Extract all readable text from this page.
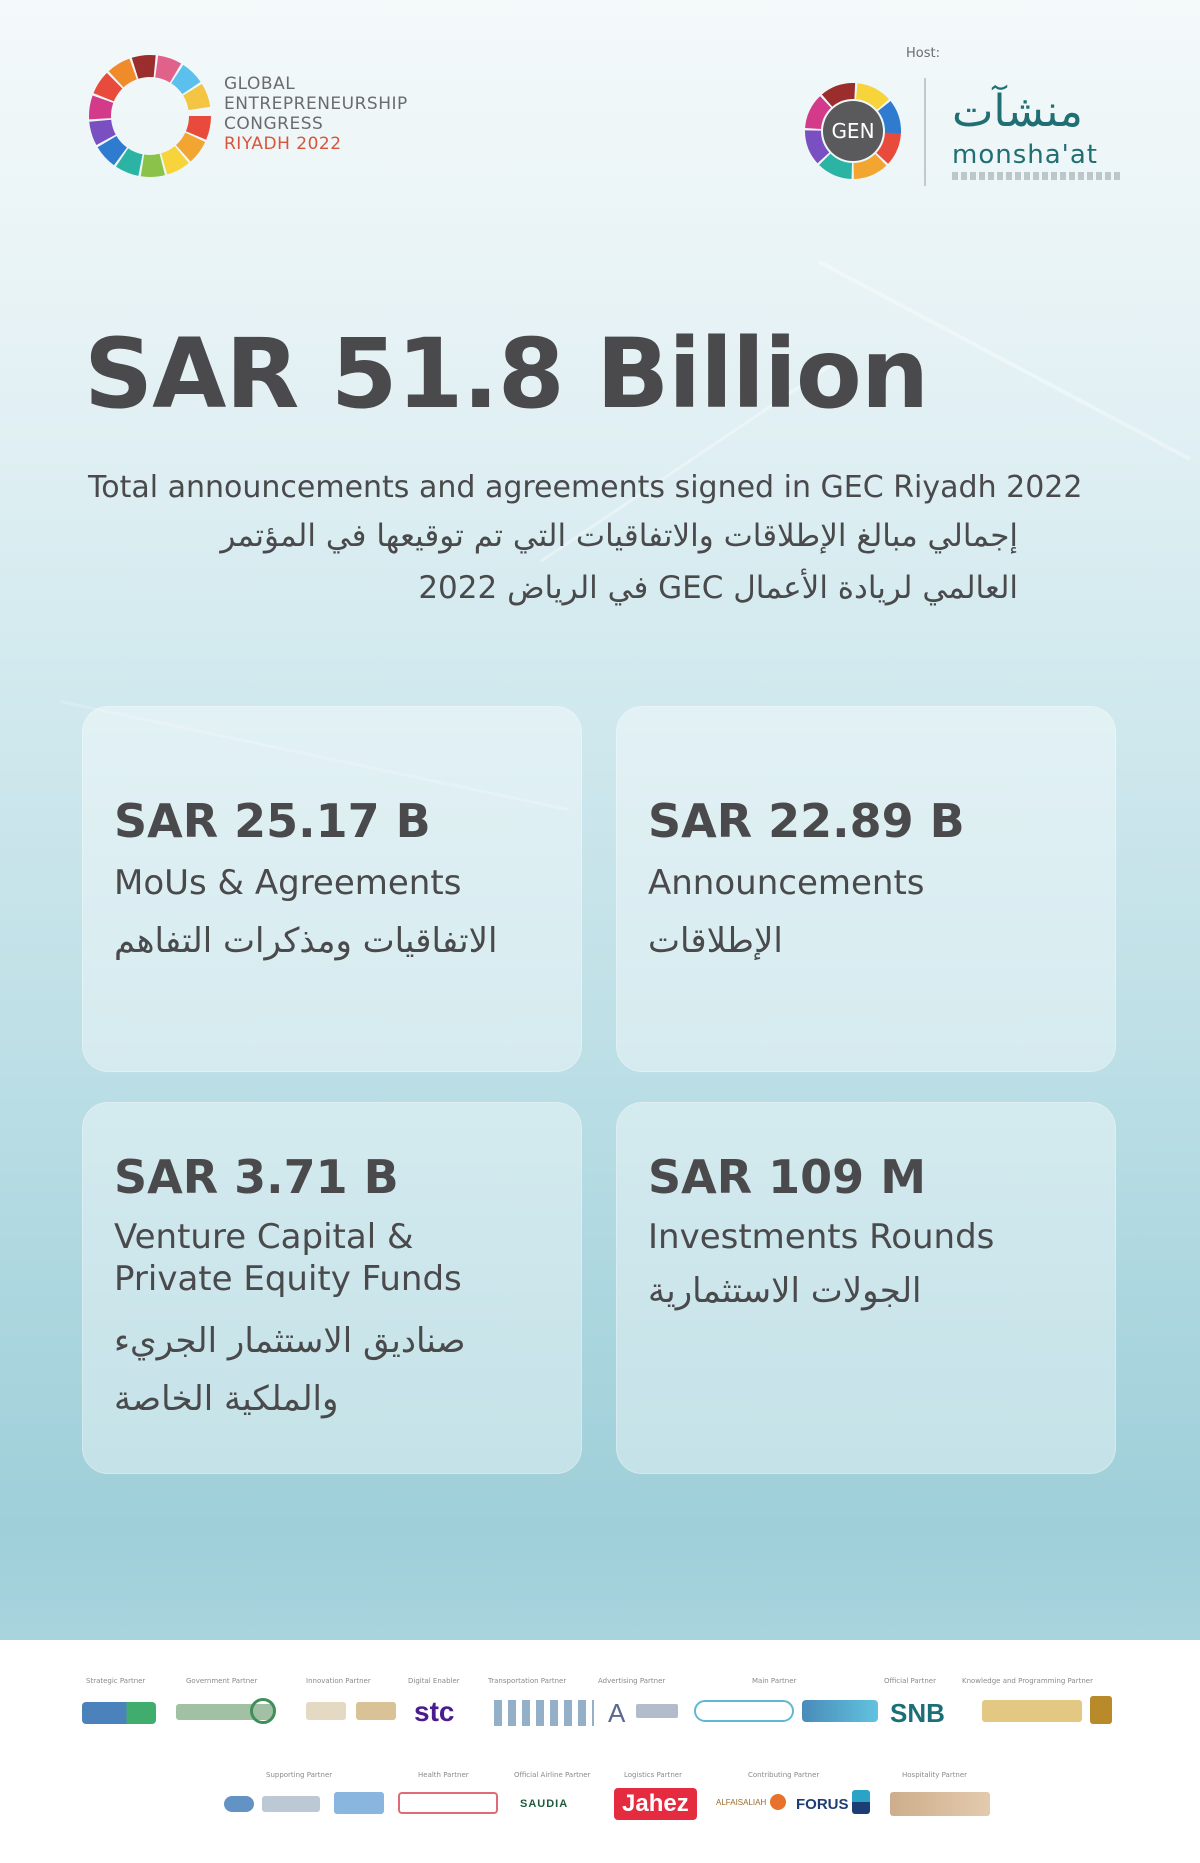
GLOBAL
ENTREPRENEURSHIP
CONGRESS
RIYADH 2022
Host:
GEN منشآت
monsha'at
SAR 51.8 Billion
Total announcements and agreements signed in GEC Riyadh 2022
إجمالي مبالغ الإطلاقات والاتفاقيات التي تم توقيعها في المؤتمر
العالمي لريادة الأعمال GEC في الرياض 2022
SAR 25.17 B
MoUs & Agreements
الاتفاقيات ومذكرات التفاهم
SAR 22.89 B
Announcements
الإطلاقات
SAR 3.71 B
Venture Capital &
Private Equity Funds
صناديق الاستثمار الجريء
والملكية الخاصة
SAR 109 M
Investments Rounds
الجولات الاستثمارية
Strategic Partner	Government Partner	Innovation Partner	Digital Enabler	Transportation Partner	Advertising Partner	Main Partner	Official Partner	Knowledge and Programming Partner
stc	A	SNB
Supporting Partner	Health Partner	Official Airline Partner	Logistics Partner	Contributing Partner	Hospitality Partner
SAUDIA	Jahez	ALFAISALIAH FORUS
